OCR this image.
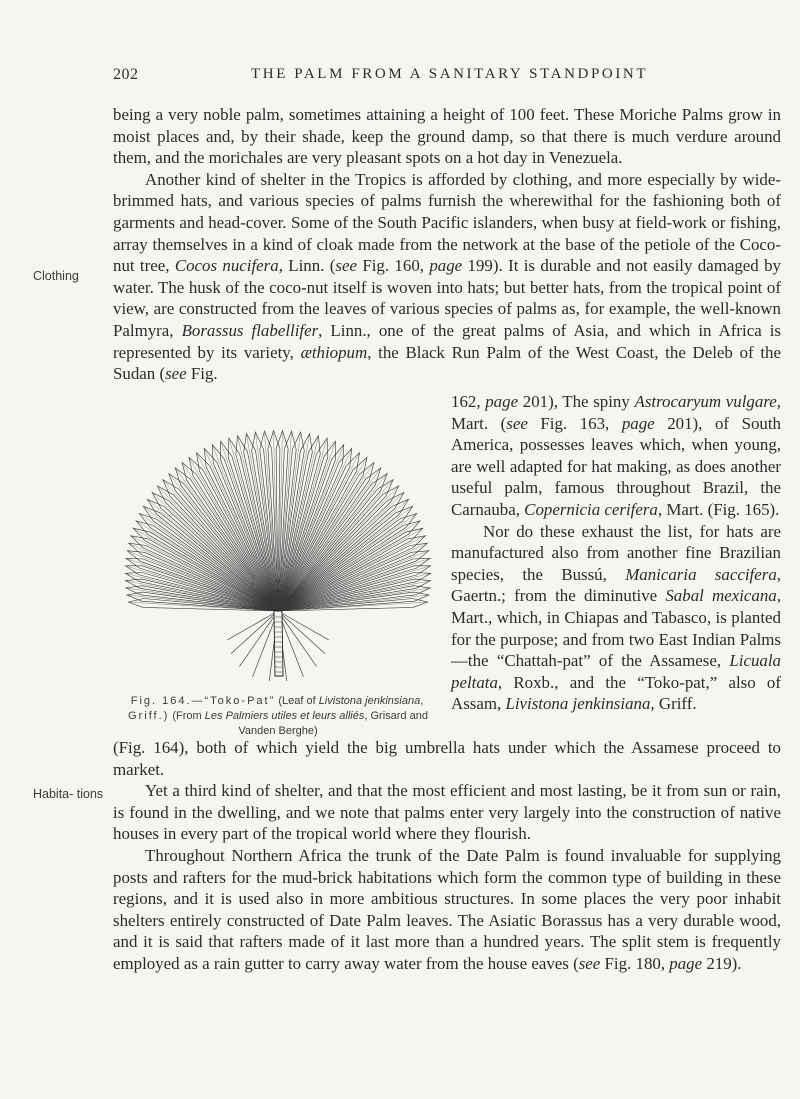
202	THE PALM FROM A SANITARY STANDPOINT

being a very noble palm, sometimes attaining a height of 100 feet. These Moriche Palms grow in moist places and, by their shade, keep the ground damp, so that there is much verdure around them, and the morichales are very pleasant spots on a hot day in Venezuela.

Another kind of shelter in the Tropics is afforded by clothing, and more especially by wide-brimmed hats, and various species of palms furnish the wherewithal for the fashioning both of garments and head-cover. Some of the South Pacific islanders, when busy at field-work or fishing, array themselves in a kind of cloak made from the network at the base of the petiole of the Coco-nut tree, Cocos nucifera, Linn. (see Fig. 160, page 199). It is durable and not easily damaged by water. The husk of the coco-nut itself is woven into hats; but better hats, from the tropical point of view, are constructed from the leaves of various species of palms as, for example, the well-known Palmyra, Borassus flabellifer, Linn., one of the great palms of Asia, and which in Africa is represented by its variety, æthiopum, the Black Run Palm of the West Coast, the Deleb of the Sudan (see Fig.

Clothing
Fig. 164.—“Toko-Pat” (Leaf of Livistona jenkinsiana, Griff.) (From Les Palmiers utiles et leurs alliés, Grisard and Vanden Berghe)

162, page 201), The spiny Astrocaryum vulgare, Mart. (see Fig. 163, page 201), of South America, possesses leaves which, when young, are well adapted for hat making, as does another useful palm, famous throughout Brazil, the Carnauba, Copernicia cerifera, Mart. (Fig. 165).

Nor do these exhaust the list, for hats are manufactured also from another fine Brazilian species, the Bussú, Manicaria saccifera, Gaertn.; from the diminutive Sabal mexicana, Mart., which, in Chiapas and Tabasco, is planted for the purpose; and from two East Indian Palms—the “Chattah-pat” of the Assamese, Licuala peltata, Roxb., and the “Toko-pat,” also of Assam, Livistona jenkinsiana, Griff.

(Fig. 164), both of which yield the big umbrella hats under which the Assamese proceed to market.

Yet a third kind of shelter, and that the most efficient and most lasting, be it from sun or rain, is found in the dwelling, and we note that palms enter very largely into the construction of native houses in every part of the tropical world where they flourish.

Throughout Northern Africa the trunk of the Date Palm is found invaluable for supplying posts and rafters for the mud-brick habitations which form the common type of building in these regions, and it is used also in more ambitious structures. In some places the very poor inhabit shelters entirely constructed of Date Palm leaves. The Asiatic Borassus has a very durable wood, and it is said that rafters made of it last more than a hundred years. The split stem is frequently employed as a rain gutter to carry away water from the house eaves (see Fig. 180, page 219).

Habita- tions
